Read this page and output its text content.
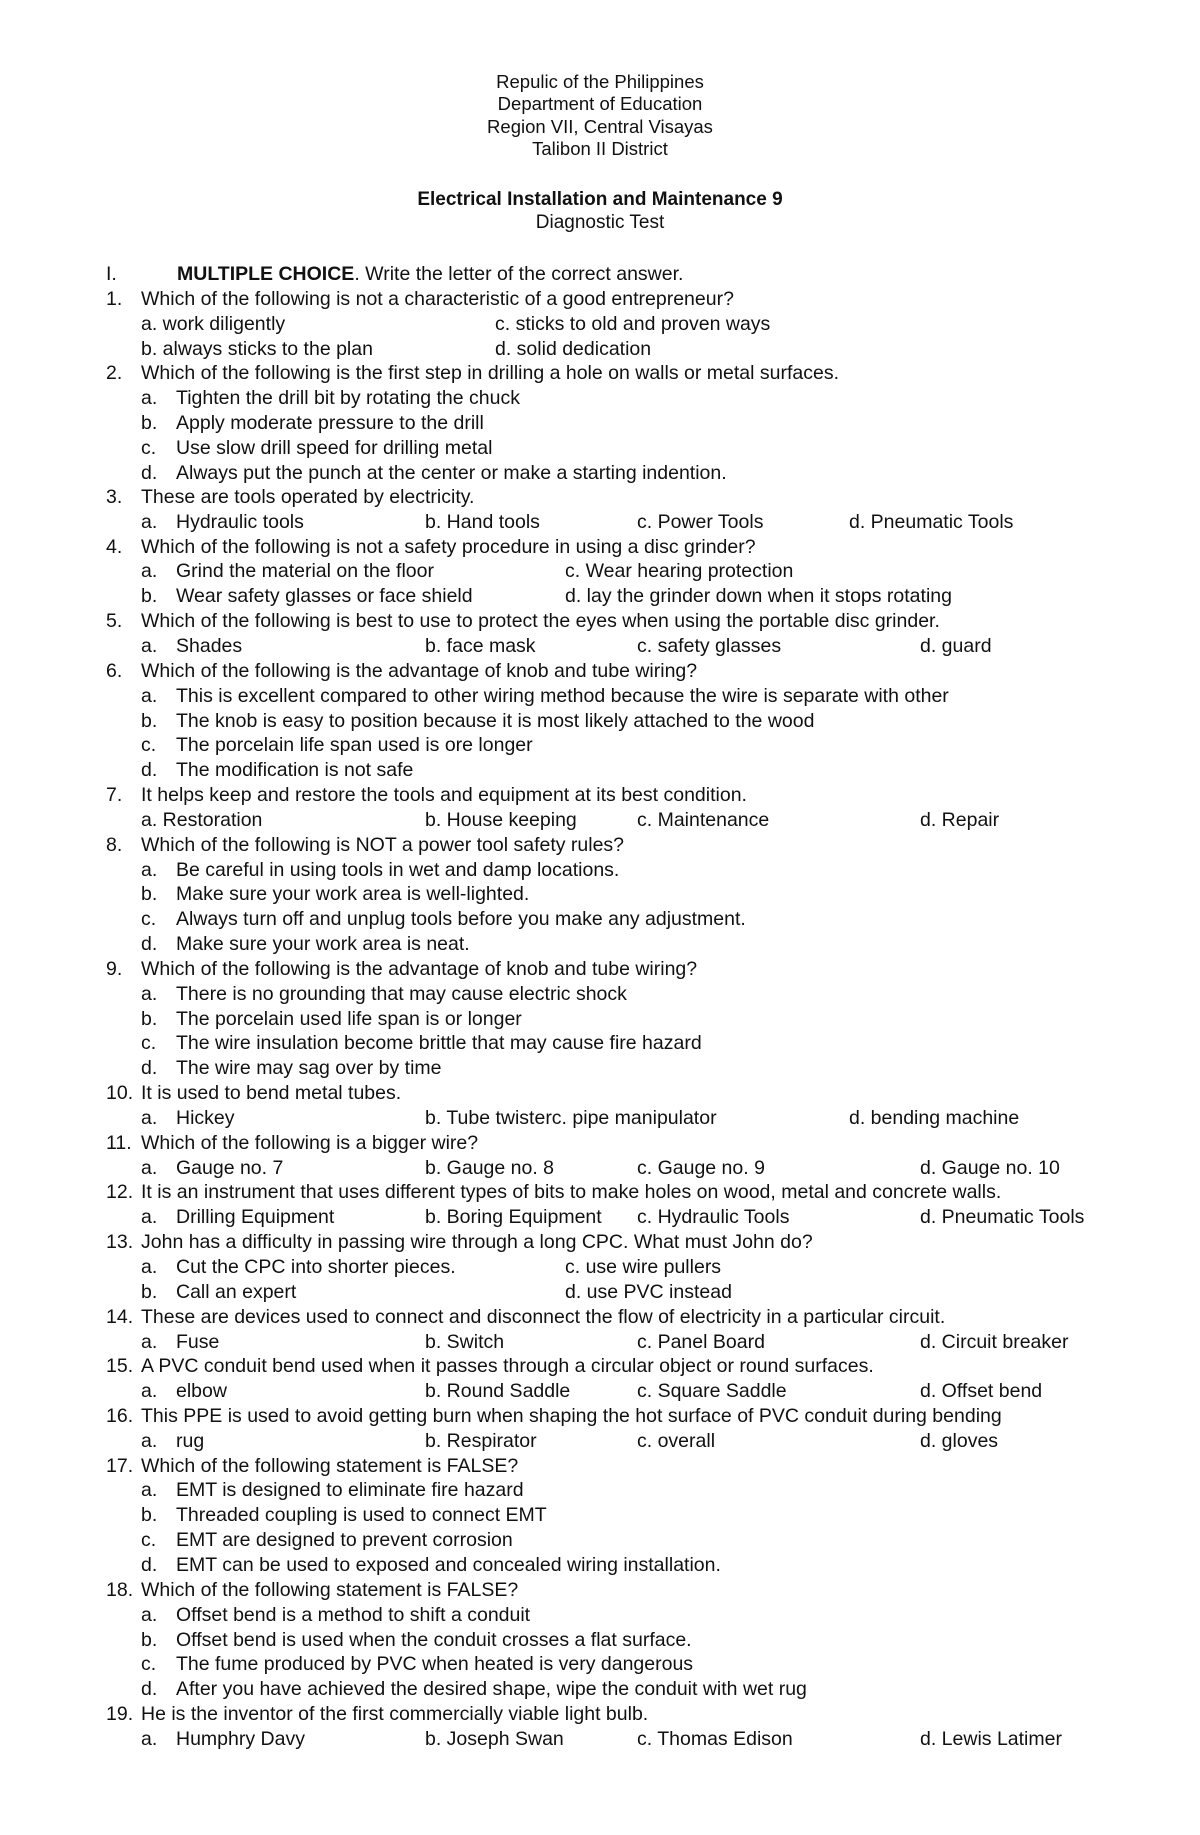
Repulic of the Philippines
Department of Education
Region VII, Central Visayas
Talibon II District
Electrical Installation and Maintenance 9
Diagnostic Test
I.	MULTIPLE CHOICE. Write the letter of the correct answer.
1. Which of the following is not a characteristic of a good entrepreneur?
a. work diligently	c. sticks to old and proven ways
b. always sticks to the plan	d. solid dedication
2. Which of the following is the first step in drilling a hole on walls or metal surfaces.
a. Tighten the drill bit by rotating the chuck
b. Apply moderate pressure to the drill
c. Use slow drill speed for drilling metal
d. Always put the punch at the center or make a starting indention.
3. These are tools operated by electricity.
a. Hydraulic tools	b. Hand tools	c. Power Tools	d. Pneumatic Tools
4. Which of the following is not a safety procedure in using a disc grinder?
a. Grind the material on the floor	c. Wear hearing protection
b. Wear safety glasses or face shield	d. lay the grinder down when it stops rotating
5. Which of the following is best to use to protect the eyes when using the portable disc grinder.
a. Shades	b. face mask	c. safety glasses	d. guard
6. Which of the following is the advantage of knob and tube wiring?
a. This is excellent compared to other wiring method because the wire is separate with other
b. The knob is easy to position because it is most likely attached to the wood
c. The porcelain life span used is ore longer
d. The modification is not safe
7. It helps keep and restore the tools and equipment at its best condition.
a. Restoration	b. House keeping	c. Maintenance	d. Repair
8. Which of the following is NOT a power tool safety rules?
a. Be careful in using tools in wet and damp locations.
b. Make sure your work area is well-lighted.
c. Always turn off and unplug tools before you make any adjustment.
d. Make sure your work area is neat.
9. Which of the following is the advantage of knob and tube wiring?
a. There is no grounding that may cause electric shock
b. The porcelain used life span is or longer
c. The wire insulation become brittle that may cause fire hazard
d. The wire may sag over by time
10. It is used to bend metal tubes.
a. Hickey	b. Tube twisterc. pipe manipulator	d. bending machine
11. Which of the following is a bigger wire?
a. Gauge no. 7	b. Gauge no. 8	c. Gauge no. 9	d. Gauge no. 10
12. It is an instrument that uses different types of bits to make holes on wood, metal and concrete walls.
a. Drilling Equipment	b. Boring Equipment c. Hydraulic Tools	d. Pneumatic Tools
13. John has a difficulty in passing wire through a long CPC. What must John do?
a. Cut the CPC into shorter pieces.	c. use wire pullers
b. Call an expert	d. use PVC instead
14. These are devices used to connect and disconnect the flow of electricity in a particular circuit.
a. Fuse	b. Switch	c. Panel Board	d. Circuit breaker
15. A PVC conduit bend used when it passes through a circular object or round surfaces.
a. elbow	b. Round Saddle	c. Square Saddle	d. Offset bend
16. This PPE is used to avoid getting burn when shaping the hot surface of PVC conduit during bending
a. rug	b. Respirator	c. overall	d. gloves
17. Which of the following statement is FALSE?
a. EMT is designed to eliminate fire hazard
b. Threaded coupling is used to connect EMT
c. EMT are designed to prevent corrosion
d. EMT can be used to exposed and concealed wiring installation.
18. Which of the following statement is FALSE?
a. Offset bend is a method to shift a conduit
b. Offset bend is used when the conduit crosses a flat surface.
c. The fume produced by PVC when heated is very dangerous
d. After you have achieved the desired shape, wipe the conduit with wet rug
19. He is the inventor of the first commercially viable light bulb.
a. Humphry Davy	b. Joseph Swan	c. Thomas Edison	d. Lewis Latimer
